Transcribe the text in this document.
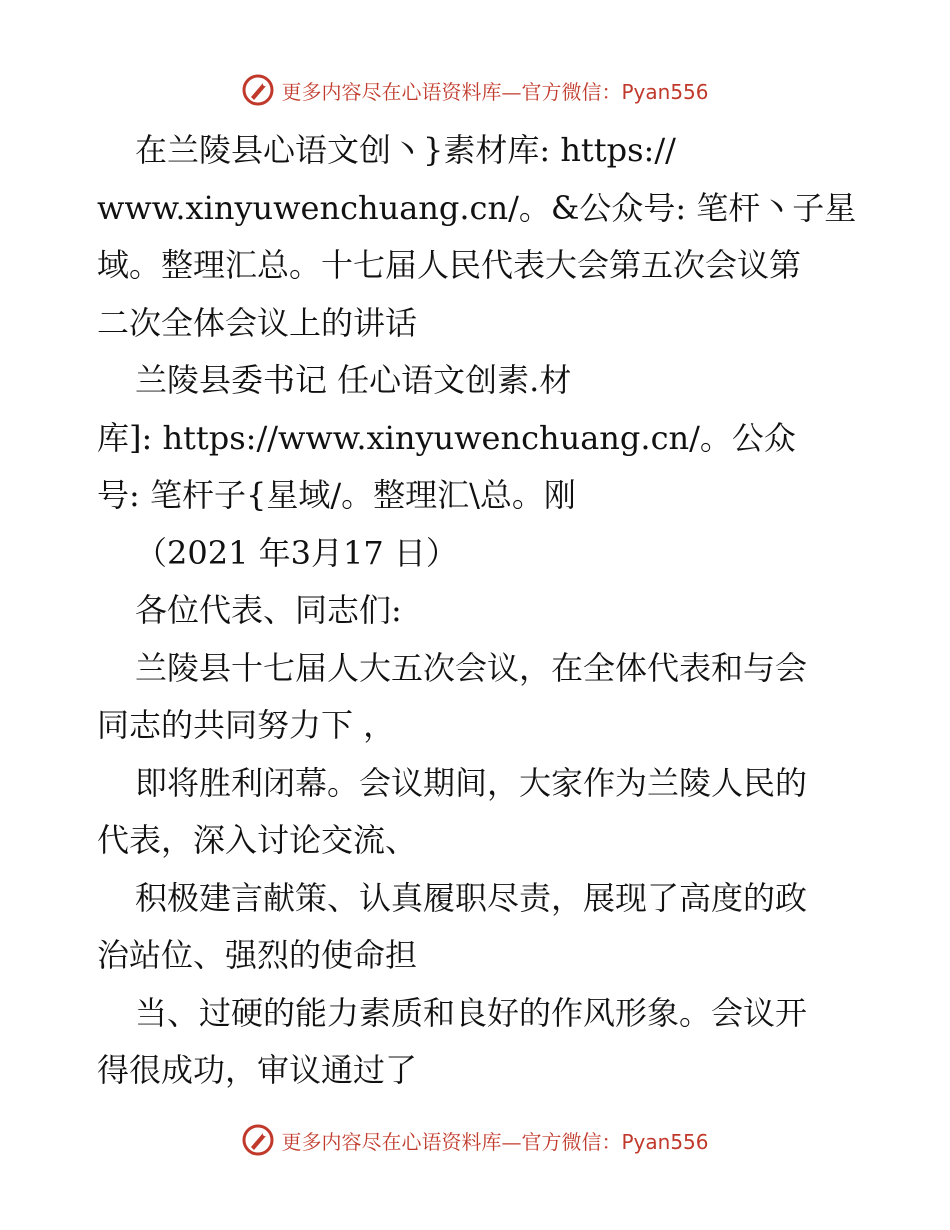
更多内容尽在心语资料库—官方微信：Pyan556
在兰陵县心语文创丶}素材库: https://
www.xinyuwenchuang.cn/。&公众号: 笔杆丶子星
域。整理汇总。十七届人民代表大会第五次会议第
二次全体会议上的讲话
兰陵县委书记 任心语文创素.材
库]: https://www.xinyuwenchuang.cn/。公众
号: 笔杆子{星域/。整理汇\总。刚
（2021 年3月17 日）
各位代表、同志们:
兰陵县十七届人大五次会议，在全体代表和与会
同志的共同努力下 ，
即将胜利闭幕。会议期间，大家作为兰陵人民的
代表，深入讨论交流、
积极建言献策、认真履职尽责，展现了高度的政
治站位、强烈的使命担
当、过硬的能力素质和良好的作风形象。会议开
得很成功，审议通过了
更多内容尽在心语资料库—官方微信：Pyan556
